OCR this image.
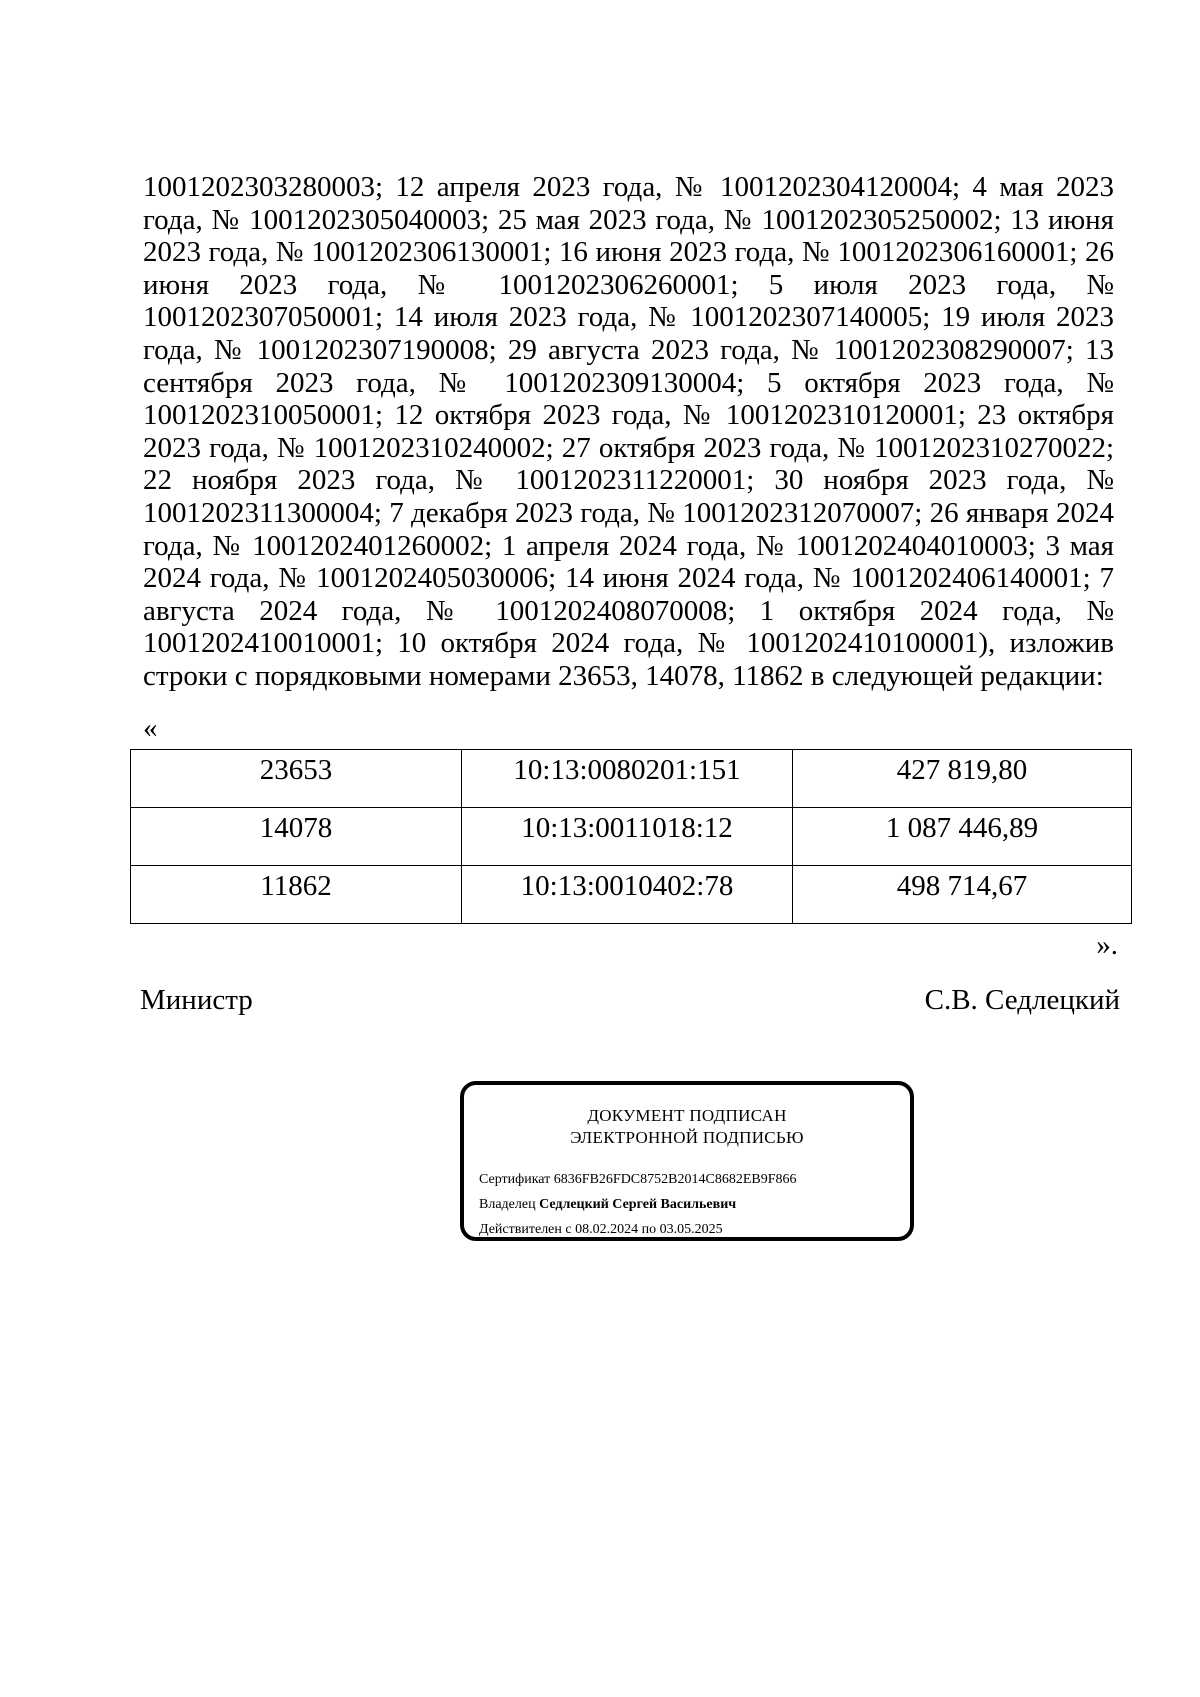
1001202303280003; 12 апреля 2023 года, № 1001202304120004; 4 мая 2023 года, № 1001202305040003; 25 мая 2023 года, № 1001202305250002; 13 июня 2023 года, № 1001202306130001; 16 июня 2023 года, № 1001202306160001; 26 июня 2023 года, № 1001202306260001; 5 июля 2023 года, № 1001202307050001; 14 июля 2023 года, № 1001202307140005; 19 июля 2023 года, № 1001202307190008; 29 августа 2023 года, № 1001202308290007; 13 сентября 2023 года, № 1001202309130004; 5 октября 2023 года, № 1001202310050001; 12 октября 2023 года, № 1001202310120001; 23 октября 2023 года, № 1001202310240002; 27 октября 2023 года, № 1001202310270022; 22 ноября 2023 года, № 1001202311220001; 30 ноября 2023 года, № 1001202311300004; 7 декабря 2023 года, № 1001202312070007; 26 января 2024 года, № 1001202401260002; 1 апреля 2024 года, № 1001202404010003; 3 мая 2024 года, № 1001202405030006; 14 июня 2024 года, № 1001202406140001; 7 августа 2024 года, № 1001202408070008; 1 октября 2024 года, № 1001202410010001; 10 октября 2024 года, № 1001202410100001), изложив строки с порядковыми номерами 23653, 14078, 11862 в следующей редакции:

«

23653	10:13:0080201:151	427 819,80

14078	10:13:0011018:12	1 087 446,89

11862	10:13:0010402:78	498 714,67

».

Министр	С.В. Седлецкий

ДОКУМЕНТ ПОДПИСАН
ЭЛЕКТРОННОЙ ПОДПИСЬЮ
Сертификат 6836FB26FDC8752B2014C8682EB9F866
Владелец Седлецкий Сергей Васильевич
Действителен с 08.02.2024 по 03.05.2025
